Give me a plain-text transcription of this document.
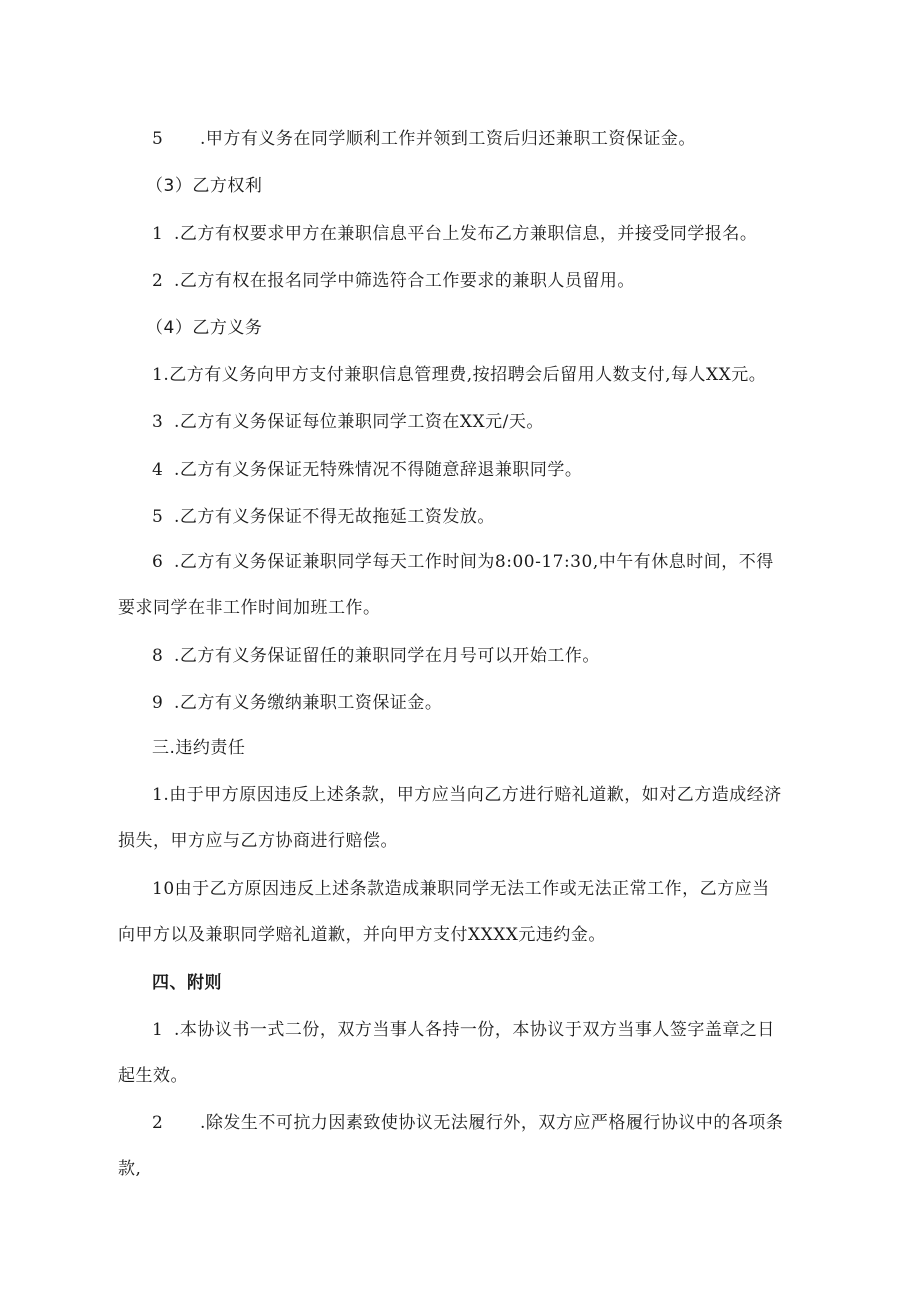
5 .甲方有义务在同学顺利工作并领到工资后归还兼职工资保证金。
（3）乙方权利
1 .乙方有权要求甲方在兼职信息平台上发布乙方兼职信息，并接受同学报名。
2 .乙方有权在报名同学中筛选符合工作要求的兼职人员留用。
（4）乙方义务
1.乙方有义务向甲方支付兼职信息管理费,按招聘会后留用人数支付,每人XX元。
3 .乙方有义务保证每位兼职同学工资在XX元/天。
4 .乙方有义务保证无特殊情况不得随意辞退兼职同学。
5 .乙方有义务保证不得无故拖延工资发放。
6 .乙方有义务保证兼职同学每天工作时间为8:00-17:30,中午有休息时间，不得
要求同学在非工作时间加班工作。
8 .乙方有义务保证留任的兼职同学在月号可以开始工作。
9 .乙方有义务缴纳兼职工资保证金。
三.违约责任
1.由于甲方原因违反上述条款，甲方应当向乙方进行赔礼道歉，如对乙方造成经济
损失，甲方应与乙方协商进行赔偿。
10由于乙方原因违反上述条款造成兼职同学无法工作或无法正常工作，乙方应当
向甲方以及兼职同学赔礼道歉，并向甲方支付XXXX元违约金。
四、附则
1 .本协议书一式二份，双方当事人各持一份，本协议于双方当事人签字盖章之日
起生效。
2 .除发生不可抗力因素致使协议无法履行外，双方应严格履行协议中的各项条
款,
